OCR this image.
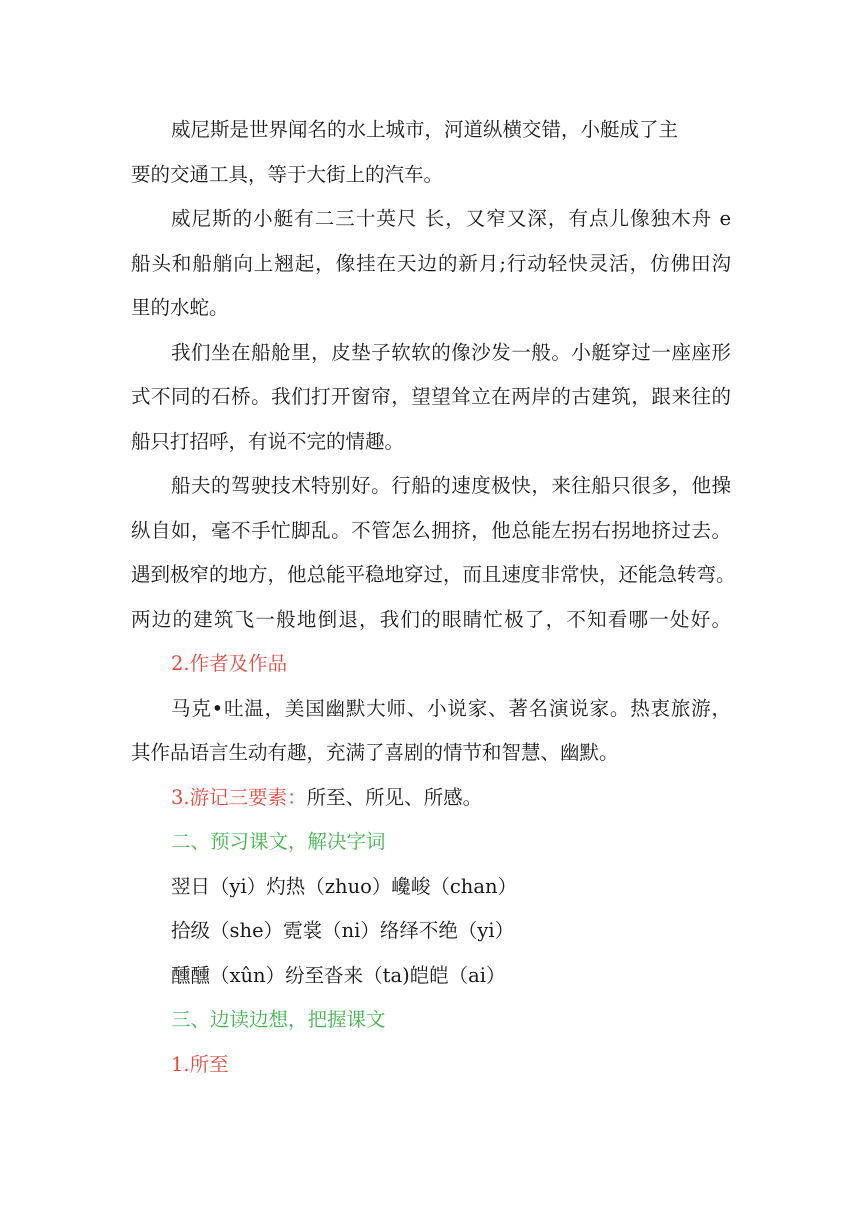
威尼斯是世界闻名的水上城市，河道纵横交错，小艇成了主
要的交通工具，等于大街上的汽车。
威尼斯的小艇有二三十英尺 长，又窄又深，有点儿像独木舟 e
船头和船艄向上翘起，像挂在天边的新月;行动轻快灵活，仿佛田沟
里的水蛇。
我们坐在船舱里，皮垫子软软的像沙发一般。小艇穿过一座座形
式不同的石桥。我们打开窗帘，望望耸立在两岸的古建筑，跟来往的
船只打招呼，有说不完的情趣。
船夫的驾驶技术特别好。行船的速度极快，来往船只很多，他操
纵自如，毫不手忙脚乱。不管怎么拥挤，他总能左拐右拐地挤过去。
遇到极窄的地方，他总能平稳地穿过，而且速度非常快，还能急转弯。
两边的建筑飞一般地倒退，我们的眼睛忙极了，不知看哪一处好。
2.作者及作品
马克•吐温，美国幽默大师、小说家、著名演说家。热衷旅游，
其作品语言生动有趣，充满了喜剧的情节和智慧、幽默。
3.游记三要素：所至、所见、所感。
二、预习课文，解决字词
翌日（yi）灼热（zhuo）巉峻（chan）
拾级（she）霓裳（ni）络绎不绝（yi）
醺醺（xûn）纷至沓来（ta)皑皑（ai）
三、边读边想，把握课文
1.所至
